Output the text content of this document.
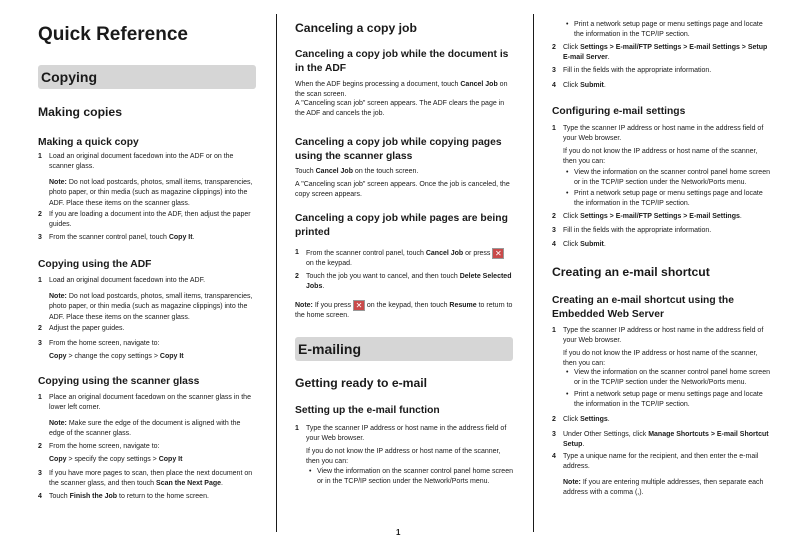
Quick Reference
Copying
Making copies
Making a quick copy
1 Load an original document facedown into the ADF or on the scanner glass.
Note: Do not load postcards, photos, small items, transparencies, photo paper, or thin media (such as magazine clippings) into the ADF. Place these items on the scanner glass.
2 If you are loading a document into the ADF, then adjust the paper guides.
3 From the scanner control panel, touch Copy It.
Copying using the ADF
1 Load an original document facedown into the ADF.
Note: Do not load postcards, photos, small items, transparencies, photo paper, or thin media (such as magazine clippings) into the ADF. Place these items on the scanner glass.
2 Adjust the paper guides.
3 From the home screen, navigate to:
Copy > change the copy settings > Copy It
Copying using the scanner glass
1 Place an original document facedown on the scanner glass in the lower left corner.
Note: Make sure the edge of the document is aligned with the edge of the scanner glass.
2 From the home screen, navigate to:
Copy > specify the copy settings > Copy It
3 If you have more pages to scan, then place the next document on the scanner glass, and then touch Scan the Next Page.
4 Touch Finish the Job to return to the home screen.
Canceling a copy job
Canceling a copy job while the document is in the ADF
When the ADF begins processing a document, touch Cancel Job on the scan screen.
A "Canceling scan job" screen appears. The ADF clears the page in the ADF and cancels the job.
Canceling a copy job while copying pages using the scanner glass
Touch Cancel Job on the touch screen.
A "Canceling scan job" screen appears. Once the job is canceled, the copy screen appears.
Canceling a copy job while pages are being printed
1 From the scanner control panel, touch Cancel Job or press ✕ on the keypad.
2 Touch the job you want to cancel, and then touch Delete Selected Jobs.
Note: If you press ✕ on the keypad, then touch Resume to return to the home screen.
E-mailing
Getting ready to e-mail
Setting up the e-mail function
1 Type the scanner IP address or host name in the address field of your Web browser.
If you do not know the IP address or host name of the scanner, then you can:
• View the information on the scanner control panel home screen or in the TCP/IP section under the Network/Ports menu.
• Print a network setup page or menu settings page and locate the information in the TCP/IP section.
2 Click Settings > E-mail/FTP Settings > E-mail Settings > Setup E-mail Server.
3 Fill in the fields with the appropriate information.
4 Click Submit.
Configuring e-mail settings
1 Type the scanner IP address or host name in the address field of your Web browser.
If you do not know the IP address or host name of the scanner, then you can:
• View the information on the scanner control panel home screen or in the TCP/IP section under the Network/Ports menu.
• Print a network setup page or menu settings page and locate the information in the TCP/IP section.
2 Click Settings > E-mail/FTP Settings > E-mail Settings.
3 Fill in the fields with the appropriate information.
4 Click Submit.
Creating an e-mail shortcut
Creating an e-mail shortcut using the Embedded Web Server
1 Type the scanner IP address or host name in the address field of your Web browser.
If you do not know the IP address or host name of the scanner, then you can:
• View the information on the scanner control panel home screen or in the TCP/IP section under the Network/Ports menu.
• Print a network setup page or menu settings page and locate the information in the TCP/IP section.
2 Click Settings.
3 Under Other Settings, click Manage Shortcuts > E-mail Shortcut Setup.
4 Type a unique name for the recipient, and then enter the e-mail address.
Note: If you are entering multiple addresses, then separate each address with a comma (,).
1
